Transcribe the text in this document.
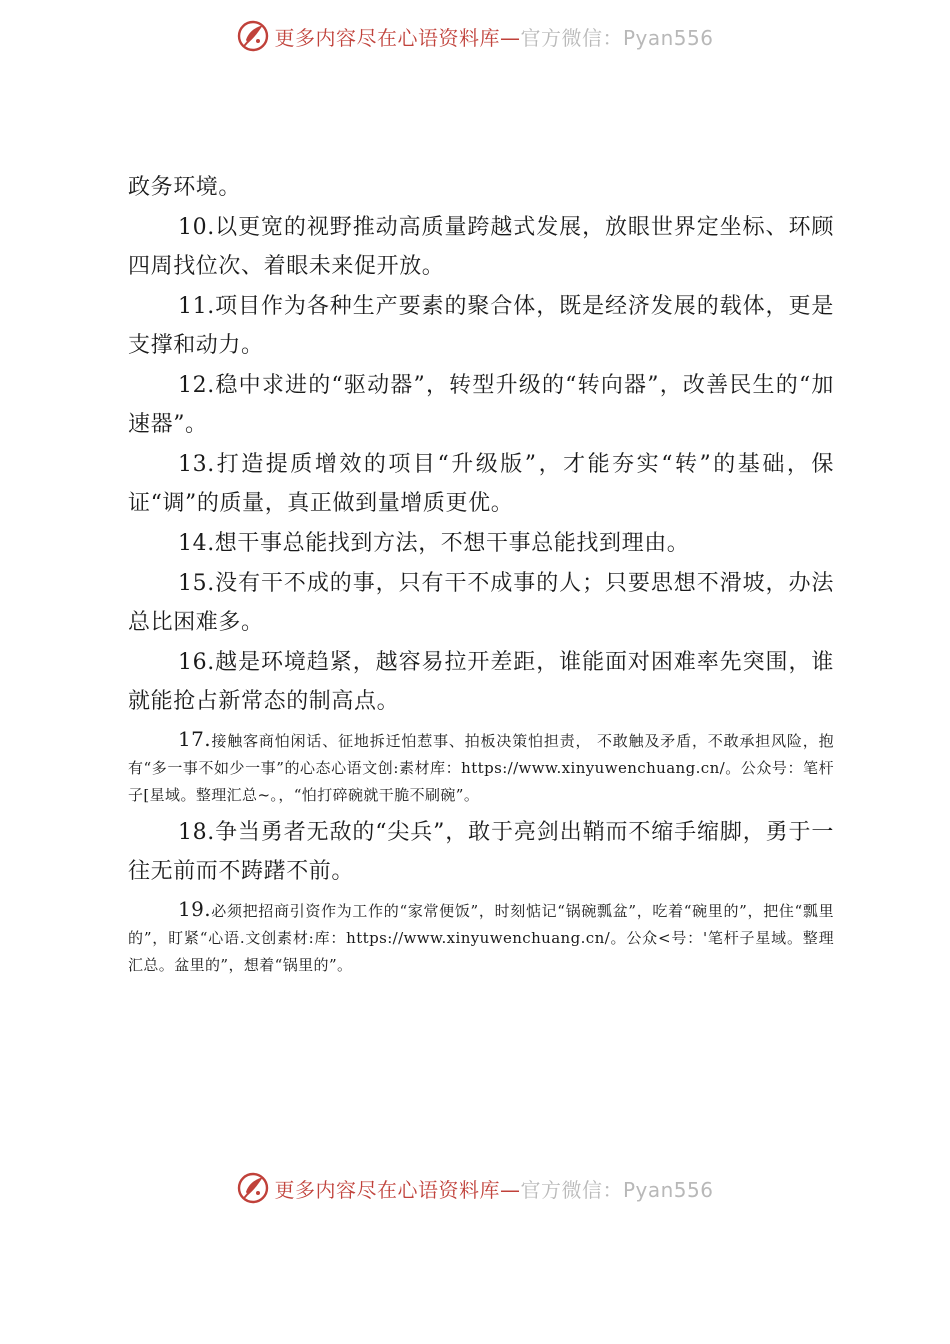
更多内容尽在心语资料库—官方微信：Pyan556

政务环境。

10.以更宽的视野推动高质量跨越式发展，放眼世界定坐标、环顾四周找位次、着眼未来促开放。

11.项目作为各种生产要素的聚合体，既是经济发展的载体，更是支撑和动力。

12.稳中求进的“驱动器”，转型升级的“转向器”，改善民生的“加速器”。

13.打造提质增效的项目“升级版”，才能夯实“转”的基础，保证“调”的质量，真正做到量增质更优。

14.想干事总能找到方法，不想干事总能找到理由。

15.没有干不成的事，只有干不成事的人；只要思想不滑坡，办法总比困难多。

16.越是环境趋紧，越容易拉开差距，谁能面对困难率先突围，谁就能抢占新常态的制高点。

17.接触客商怕闲话、征地拆迁怕惹事、拍板决策怕担责， 不敢触及矛盾，不敢承担风险，抱有“多一事不如少一事”的心态心语文创:素材库：https://www.xinyuwenchuang.cn/。公众号：笔杆子[星域。整理汇总~。，“怕打碎碗就干脆不刷碗”。

18.争当勇者无敌的“尖兵”，敢于亮剑出鞘而不缩手缩脚，勇于一往无前而不踌躇不前。

19.必须把招商引资作为工作的“家常便饭”，时刻惦记“锅碗瓢盆”，吃着“碗里的”，把住“瓢里的”，盯紧“心语.文创素材:库：https://www.xinyuwenchuang.cn/。公众<号：'笔杆子星域。整理汇总。盆里的”，想着“锅里的”。

更多内容尽在心语资料库—官方微信：Pyan556
